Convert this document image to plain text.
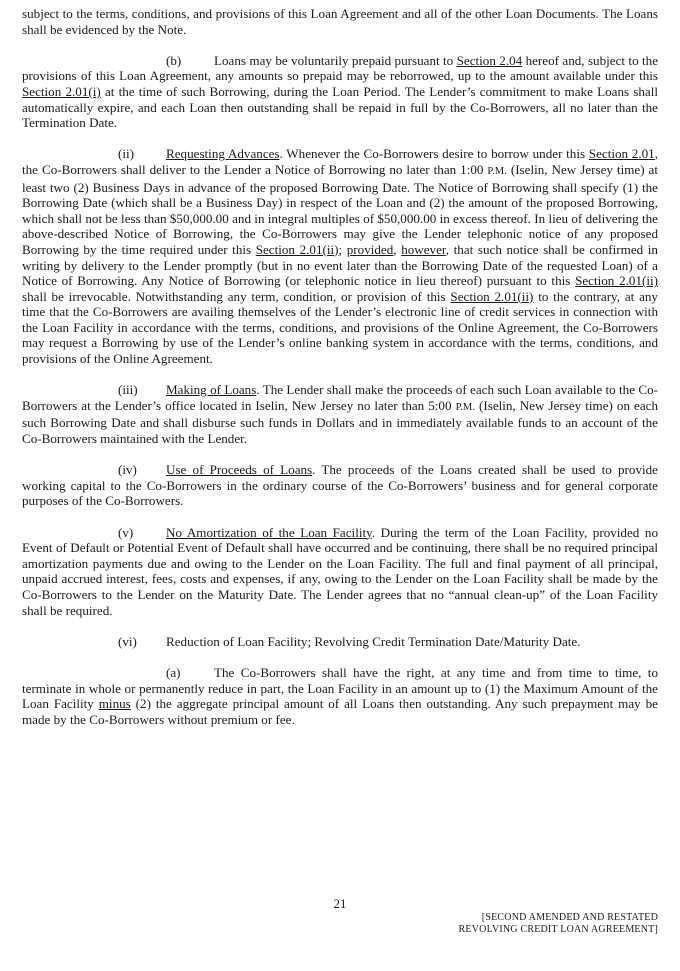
subject to the terms, conditions, and provisions of this Loan Agreement and all of the other Loan Documents. The Loans shall be evidenced by the Note.

(b) Loans may be voluntarily prepaid pursuant to Section 2.04 hereof and, subject to the provisions of this Loan Agreement, any amounts so prepaid may be reborrowed, up to the amount available under this Section 2.01(i) at the time of such Borrowing, during the Loan Period. The Lender’s commitment to make Loans shall automatically expire, and each Loan then outstanding shall be repaid in full by the Co-Borrowers, all no later than the Termination Date.

(ii) Requesting Advances. Whenever the Co-Borrowers desire to borrow under this Section 2.01, the Co-Borrowers shall deliver to the Lender a Notice of Borrowing no later than 1:00 P.M. (Iselin, New Jersey time) at least two (2) Business Days in advance of the proposed Borrowing Date. The Notice of Borrowing shall specify (1) the Borrowing Date (which shall be a Business Day) in respect of the Loan and (2) the amount of the proposed Borrowing, which shall not be less than $50,000.00 and in integral multiples of $50,000.00 in excess thereof. In lieu of delivering the above-described Notice of Borrowing, the Co-Borrowers may give the Lender telephonic notice of any proposed Borrowing by the time required under this Section 2.01(ii); provided, however, that such notice shall be confirmed in writing by delivery to the Lender promptly (but in no event later than the Borrowing Date of the requested Loan) of a Notice of Borrowing. Any Notice of Borrowing (or telephonic notice in lieu thereof) pursuant to this Section 2.01(ii) shall be irrevocable. Notwithstanding any term, condition, or provision of this Section 2.01(ii) to the contrary, at any time that the Co-Borrowers are availing themselves of the Lender’s electronic line of credit services in connection with the Loan Facility in accordance with the terms, conditions, and provisions of the Online Agreement, the Co-Borrowers may request a Borrowing by use of the Lender’s online banking system in accordance with the terms, conditions, and provisions of the Online Agreement.

(iii) Making of Loans. The Lender shall make the proceeds of each such Loan available to the Co-Borrowers at the Lender’s office located in Iselin, New Jersey no later than 5:00 P.M. (Iselin, New Jersey time) on each such Borrowing Date and shall disburse such funds in Dollars and in immediately available funds to an account of the Co-Borrowers maintained with the Lender.

(iv) Use of Proceeds of Loans. The proceeds of the Loans created shall be used to provide working capital to the Co-Borrowers in the ordinary course of the Co-Borrowers’ business and for general corporate purposes of the Co-Borrowers.

(v) No Amortization of the Loan Facility. During the term of the Loan Facility, provided no Event of Default or Potential Event of Default shall have occurred and be continuing, there shall be no required principal amortization payments due and owing to the Lender on the Loan Facility. The full and final payment of all principal, unpaid accrued interest, fees, costs and expenses, if any, owing to the Lender on the Loan Facility shall be made by the Co-Borrowers to the Lender on the Maturity Date. The Lender agrees that no “annual clean-up” of the Loan Facility shall be required.

(vi) Reduction of Loan Facility; Revolving Credit Termination Date/Maturity Date.

(a)	The Co-Borrowers shall have the right, at any time and from time to time, to terminate in whole or permanently reduce in part, the Loan Facility in an amount up to (1) the Maximum Amount of the Loan Facility minus (2) the aggregate principal amount of all Loans then outstanding. Any such prepayment may be made by the Co-Borrowers without premium or fee.

21
[SECOND AMENDED AND RESTATED
REVOLVING CREDIT LOAN AGREEMENT]
